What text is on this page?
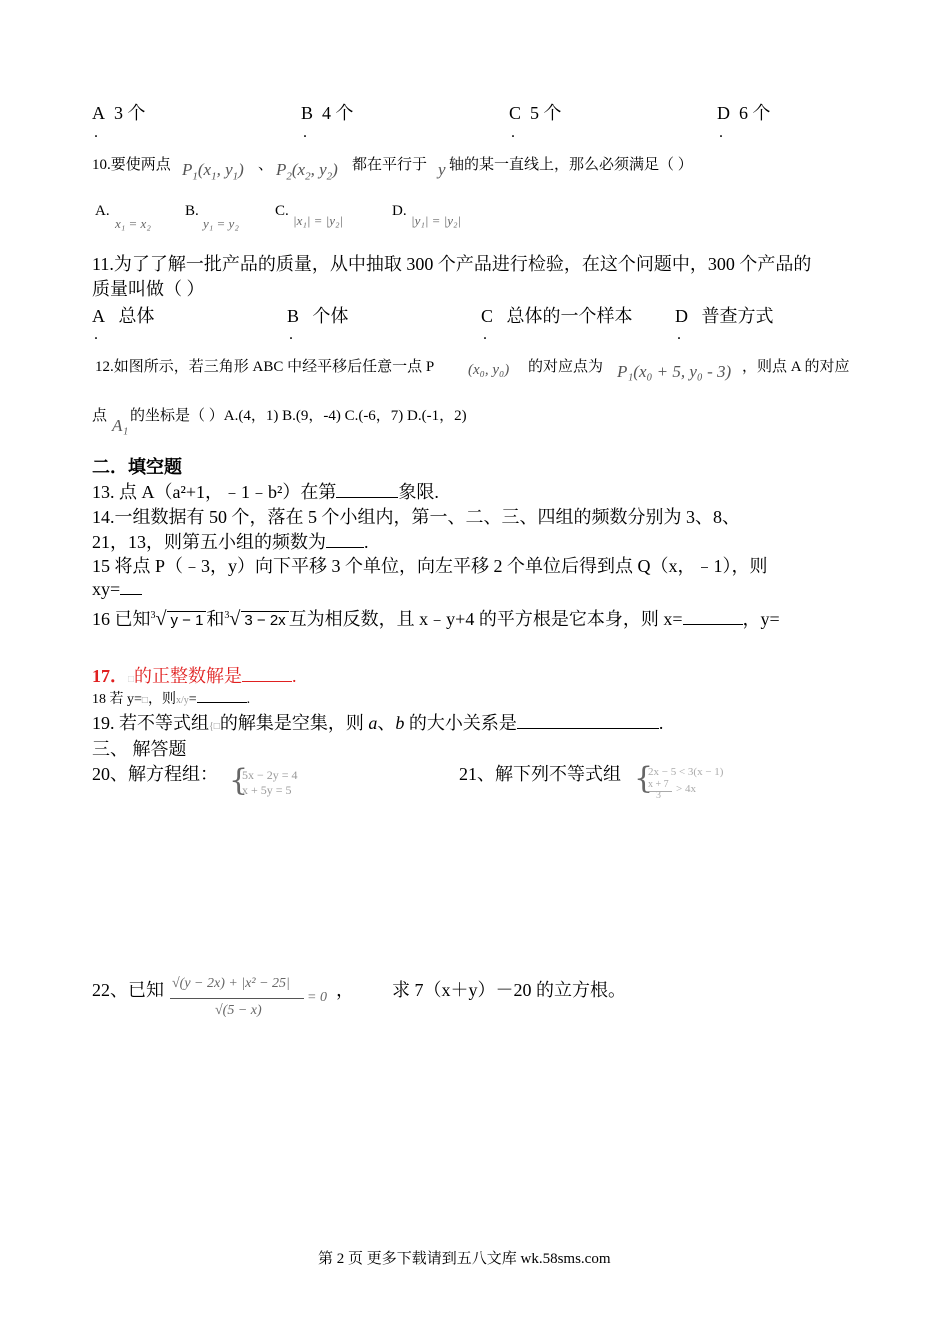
A 3 个
.
B 4 个
.
C 5 个
.
D 6 个
.
10.要使两点 $P_1(x_1$, $y_1$) 、 $P_2(x_2$, $y_2$) 都在平行于 y 轴的某一直线上，那么必须满足（ ）
A.
x₁ = x₂
B.
y₁ = y₂
C.
|x₁| = |y₂|
D.
|y₁| = |y₂|
11.为了了解一批产品的质量，从中抽取 300 个产品进行检验，在这个问题中，300 个产品的
质量叫做（ ）
A 总体
.
B 个体
.
C 总体的一个样本
.
D 普查方式
.
12.如图所示，若三角形 ABC 中经平移后任意一点 P (x₀, y₀) 的对应点为 P₁(x₀ + 5, y₀ - 3) ，则点 A 的对应
点 A₁ 的坐标是（ ）A.(4，1) B.(9，-4) C.(-6，7) D.(-1，2)
二．填空题
13. 点 A（a²+1，﹣1﹣b²）在第	象限.
14.一组数据有 50 个，落在 5 个小组内，第一、二、三、四组的频数分别为 3、8、
21，13，则第五小组的频数为 .
15 将点 P（﹣3，y）向下平移 3 个单位，向左平移 2 个单位后得到点 Q（x，﹣1），则
xy=
16 已知$^3$√ y − 1 和$^3$√ 3 − 2x 互为相反数，且 x﹣y+4 的平方根是它本身，则 x=	，y=
17．□的正整数解是	.
18 若 y=□，则x/y=	.
19. 若不等式组{□的解集是空集，则 a、b 的大小关系是	.
三、 解答题
20、解方程组： {
5x − 2y = 4
x + 5y = 5
21、解下列不等式组 {
2x − 5 < 3(x − 1)
x + 7
3
> 4x
22、已知 √(y − 2x) + |x² − 25|
√(5 − x)
= 0 ， 求 7（x＋y）－20 的立方根。
第 2 页 更多下载请到五八文库 wk.58sms.com
